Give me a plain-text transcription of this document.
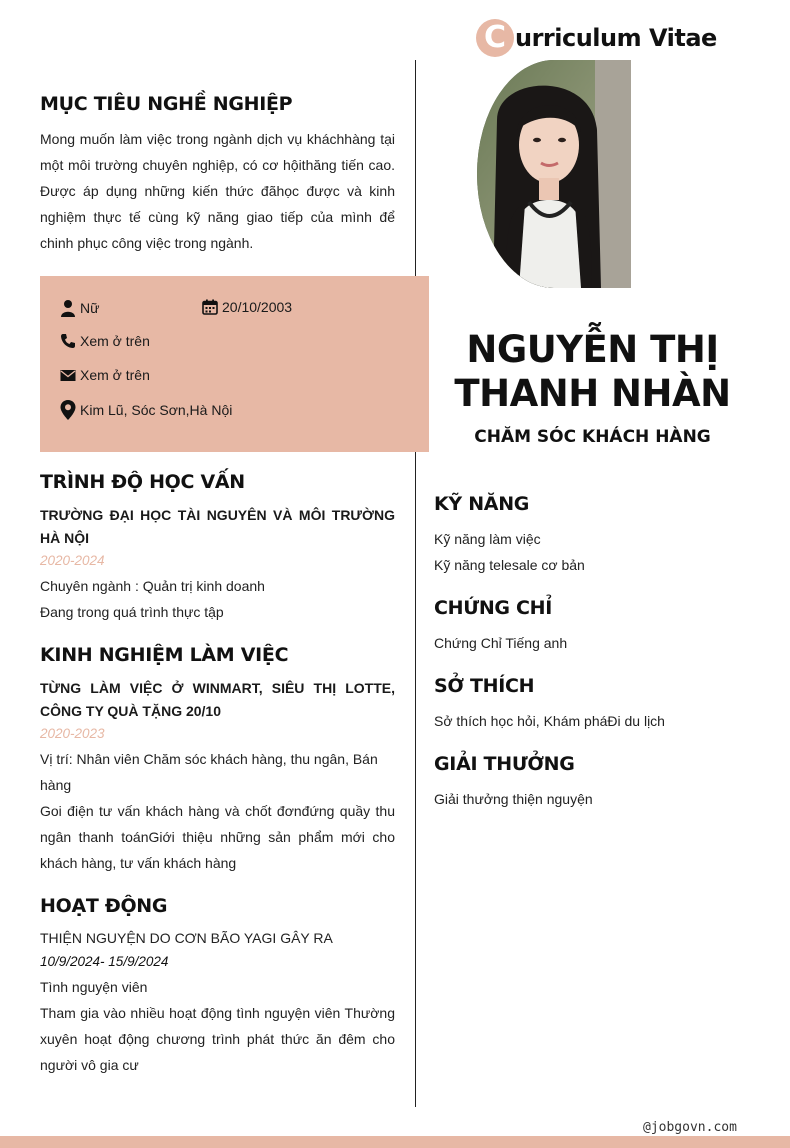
C urriculum Vitae
MỤC TIÊU NGHỀ NGHIỆP
Mong muốn làm việc trong ngành dịch vụ kháchhàng tại một môi trường chuyên nghiệp, có cơ hộithăng tiến cao. Được áp dụng những kiến thức đãhọc được và kinh nghiệm thực tế cùng kỹ năng giao tiếp của mình để chinh phục công việc trong ngành.
Nữ	20/10/2003
Xem ở trên
Xem ở trên
Kim Lũ, Sóc Sơn,Hà Nội
TRÌNH ĐỘ HỌC VẤN
TRƯỜNG ĐẠI HỌC TÀI NGUYÊN VÀ MÔI TRƯỜNG HÀ NỘI
2020-2024
Chuyên ngành : Quản trị kinh doanh
Đang trong quá trình thực tập
KINH NGHIỆM LÀM VIỆC
TỪNG LÀM VIỆC Ở WINMART, SIÊU THỊ LOTTE, CÔNG TY QUÀ TẶNG 20/10
2020-2023
Vị trí: Nhân viên Chăm sóc khách hàng, thu ngân, Bán hàng
Goi điện tư vấn khách hàng và chốt đơnđứng quầy thu ngân thanh toánGiới thiệu những sản phẩm mới cho khách hàng, tư vấn khách hàng
HOẠT ĐỘNG
THIỆN NGUYỆN DO CƠN BÃO YAGI GÂY RA
10/9/2024- 15/9/2024
Tình nguyện viên
Tham gia vào nhiều hoạt động tình nguyện viên Thường xuyên hoạt động chương trình phát thức ăn đêm cho người vô gia cư
NGUYỄN THỊ
THANH NHÀN
CHĂM SÓC KHÁCH HÀNG
KỸ NĂNG
Kỹ năng làm việc
Kỹ năng telesale cơ bản
CHỨNG CHỈ
Chứng Chỉ Tiếng anh
SỞ THÍCH
Sở thích học hỏi, Khám pháĐi du lịch
GIẢI THƯỞNG
Giải thưởng thiện nguyện
@jobgovn.com
